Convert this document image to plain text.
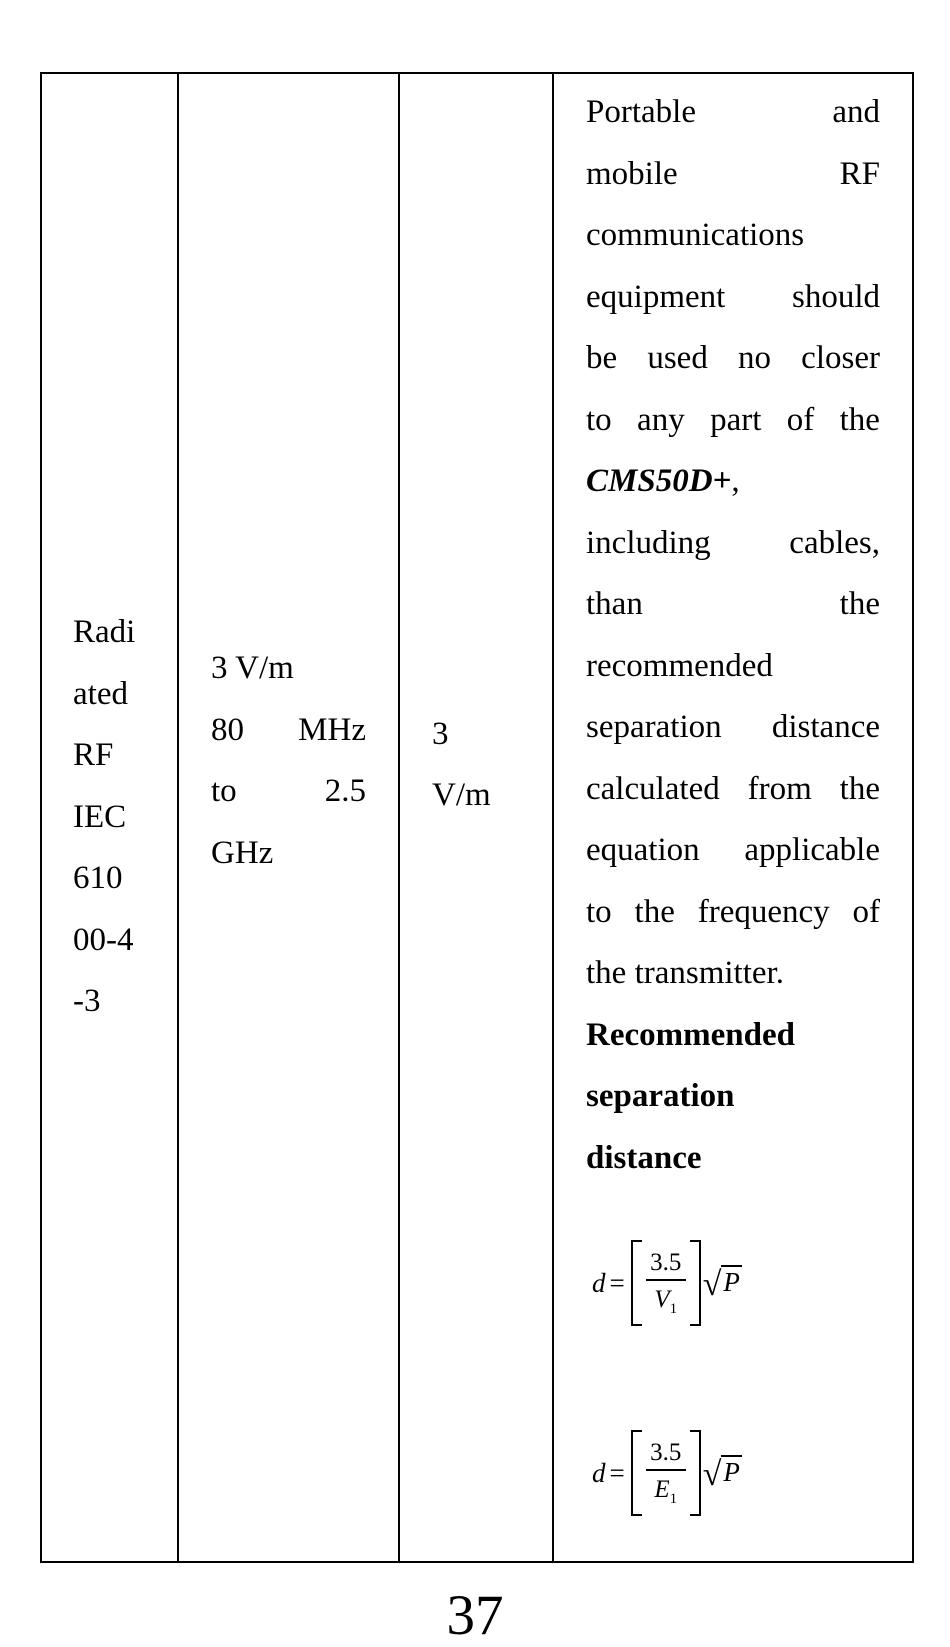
Radi
ated
RF
IEC
610
00-4
-3

3 V/m
80 MHz
to	2.5
GHz

3
V/m

Portable	and
mobile	RF
communications
equipment should
be used no closer
to any part of the
CMS50D+,
including cables,
than	the
recommended
separation distance
calculated from the
equation applicable
to the frequency of
the transmitter.
Recommended
separation
distance
$d = \frac{3.5}{V_1}$ √ P
$d = \frac{3.5}{E_1}$ √ P
37
